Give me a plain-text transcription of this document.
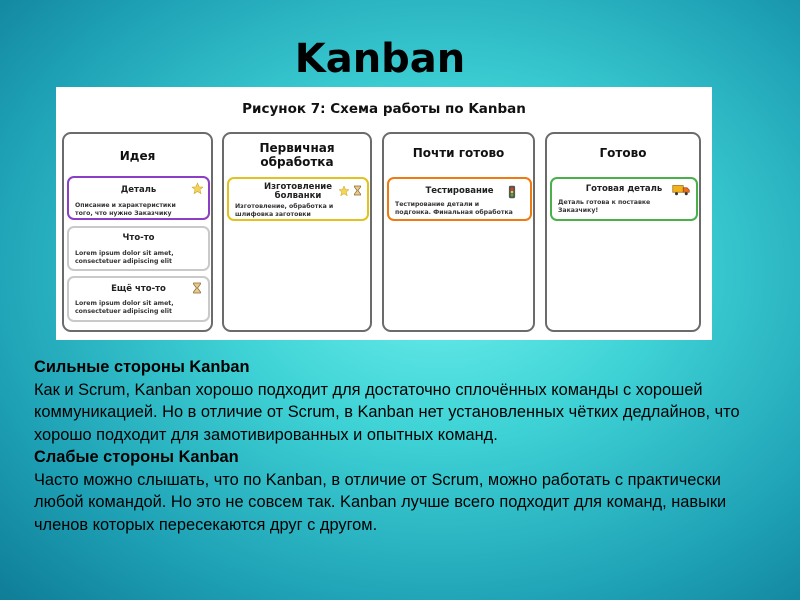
Kanban
Рисунок 7: Схема работы по Kanban
Идея
Деталь
Описание и характеристики
того, что нужно Заказчику
Что-то
Lorem ipsum dolor sit amet,
consectetuer adipiscing elit
Ещё что-то
Lorem ipsum dolor sit amet,
consectetuer adipiscing elit
Первичная
обработка
Изготовление
болванки
Изготовление, обработка и
шлифовка заготовки
Почти готово
Тестирование
Тестирование детали и
подгонка. Финальная обработка
Готово
Готовая деталь
Деталь готова к поставке
Заказчику!
Сильные стороны Kanban
Как и Scrum, Kanban хорошо подходит для достаточно сплочённых команды с хорошей коммуникацией. Но в отличие от Scrum, в Kanban нет установленных чётких дедлайнов, что хорошо подходит для замотивированных и опытных команд.
Слабые стороны Kanban
Часто можно слышать, что по Kanban, в отличие от Scrum, можно работать с практически любой командой. Но это не совсем так. Kanban лучше всего подходит для команд, навыки членов которых пересекаются друг с другом.
